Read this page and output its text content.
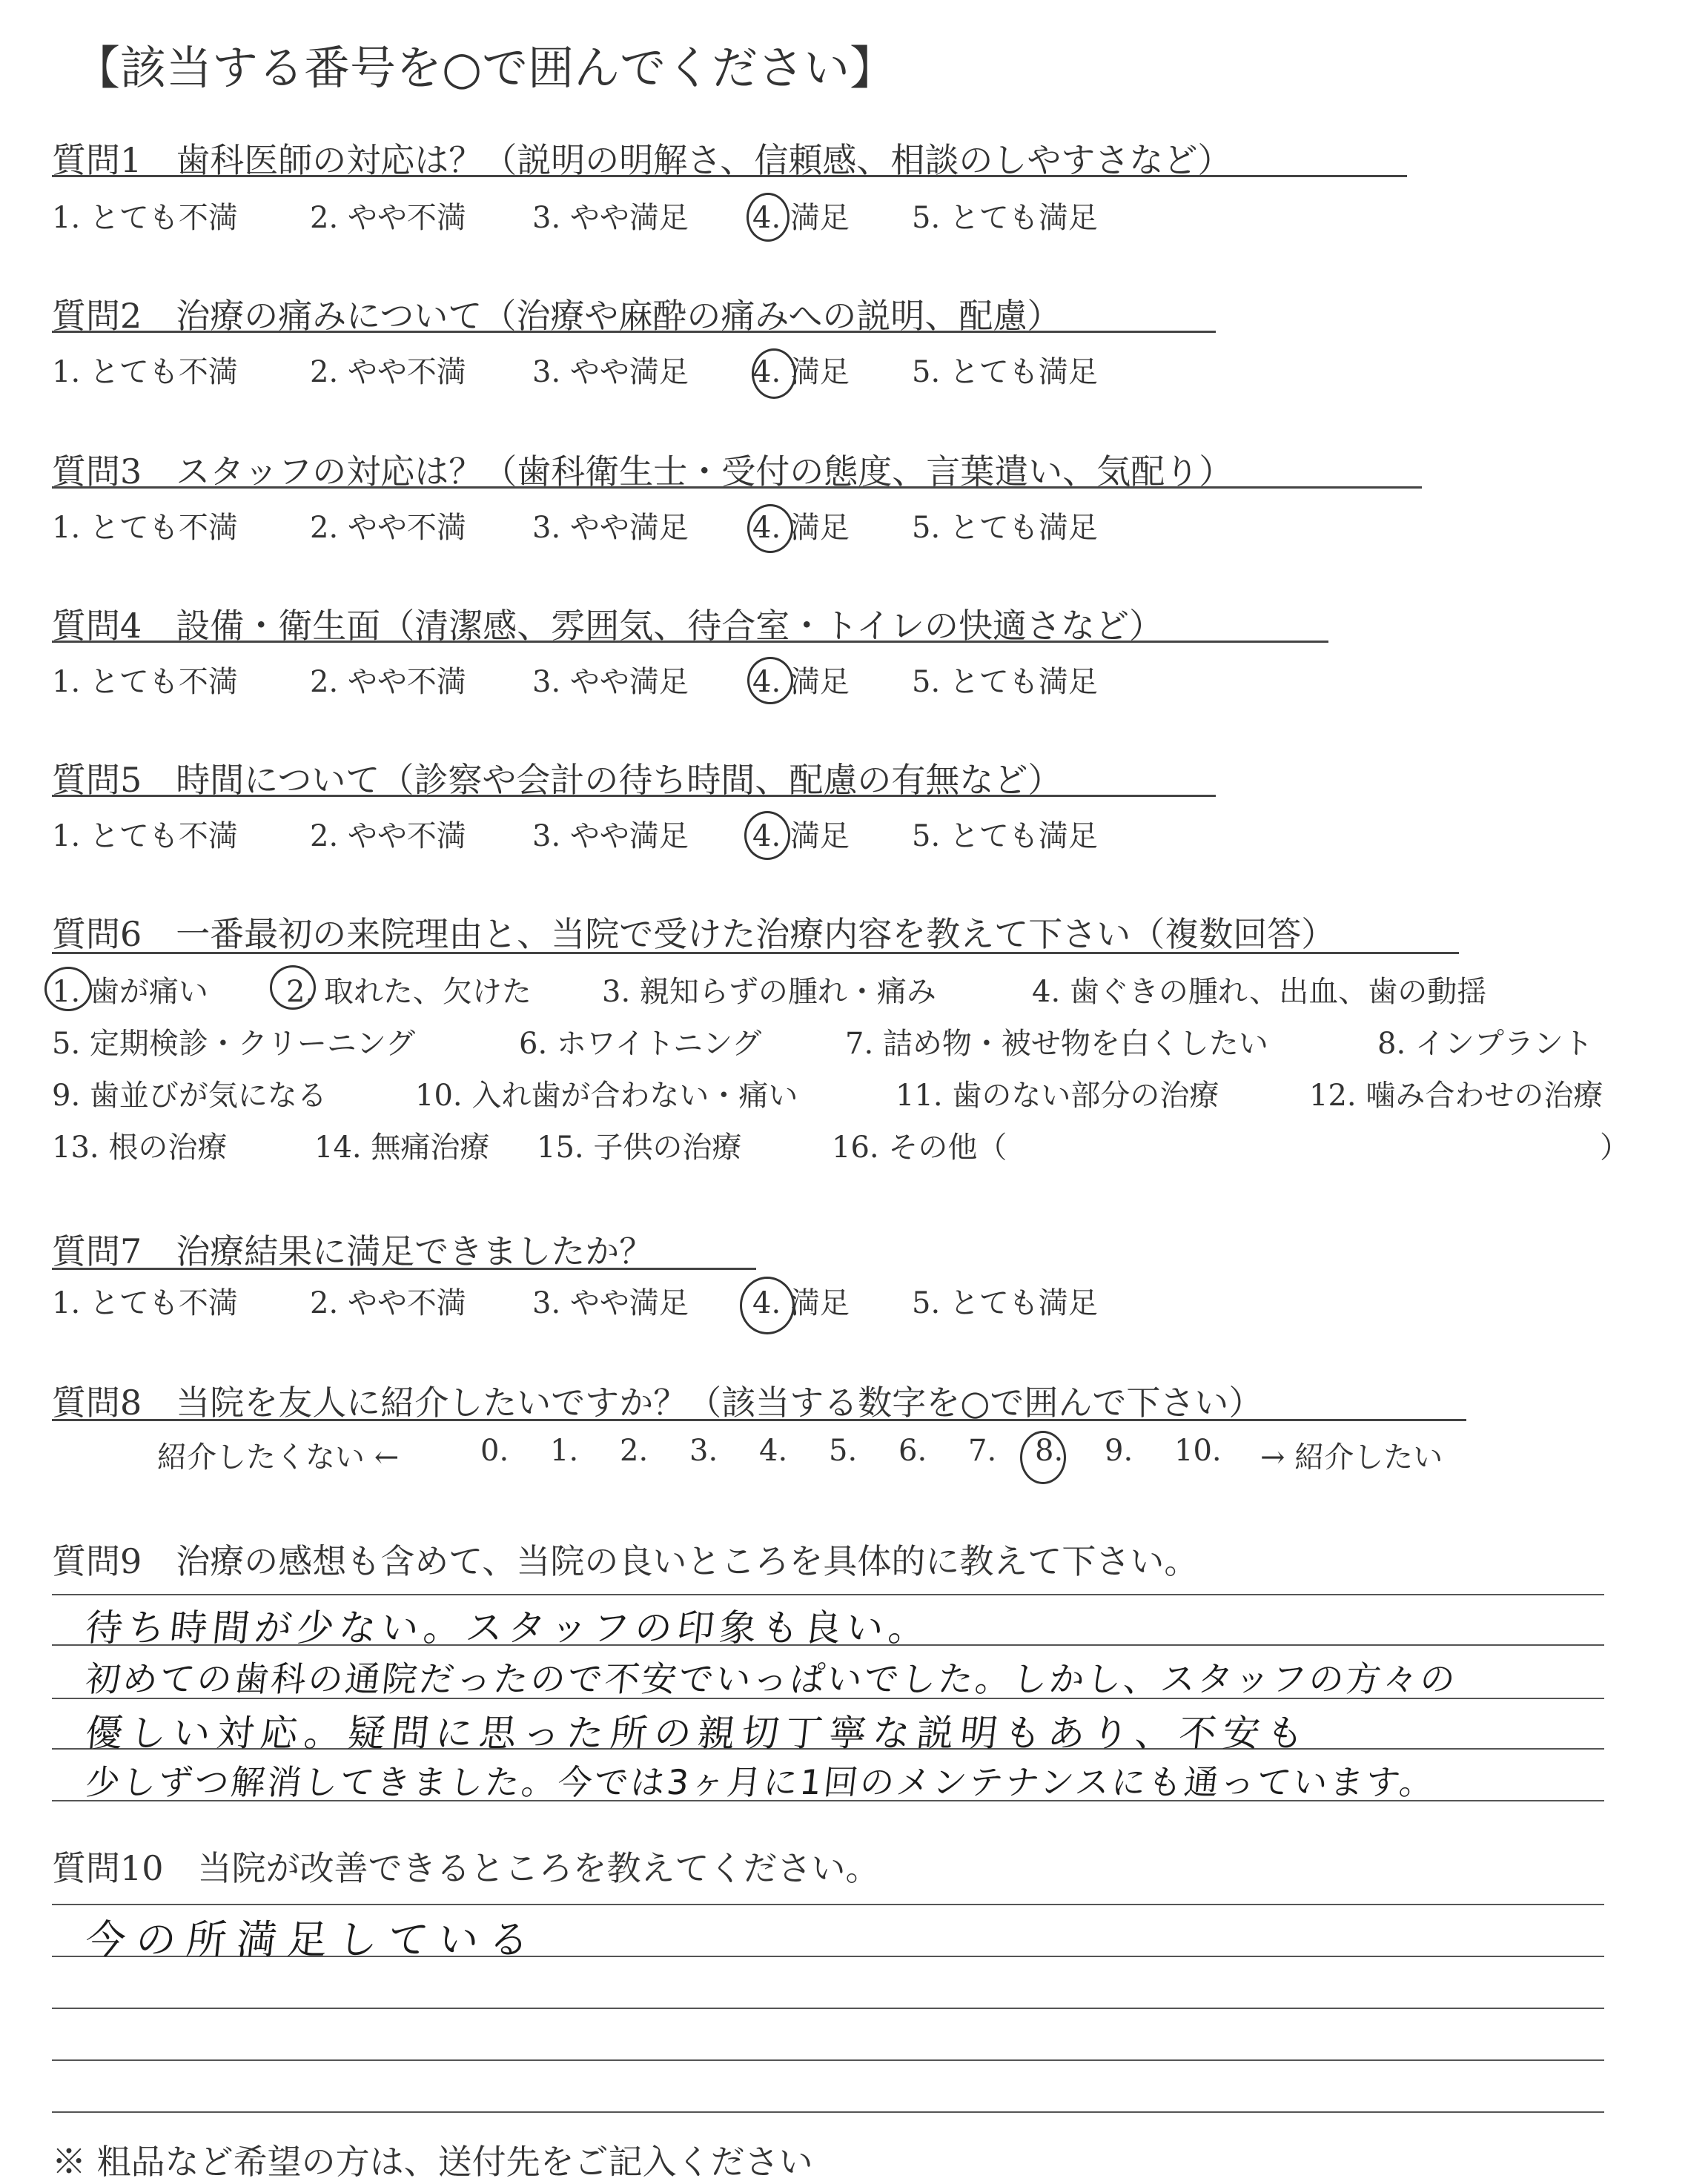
【該当する番号を○で囲んでください】
質問1　歯科医師の対応は？（説明の明解さ、信頼感、相談のしやすさなど）
1. とても不満 2. やや不満 3. やや満足 4. 満足 5. とても満足
質問2　治療の痛みについて（治療や麻酔の痛みへの説明、配慮）
1. とても不満 2. やや不満 3. やや満足 4. 満足 5. とても満足
質問3　スタッフの対応は？（歯科衛生士・受付の態度、言葉遣い、気配り）
1. とても不満 2. やや不満 3. やや満足 4. 満足 5. とても満足
質問4　設備・衛生面（清潔感、雰囲気、待合室・トイレの快適さなど）
1. とても不満 2. やや不満 3. やや満足 4. 満足 5. とても満足
質問5　時間について（診察や会計の待ち時間、配慮の有無など）
1. とても不満 2. やや不満 3. やや満足 4. 満足 5. とても満足
質問6　一番最初の来院理由と、当院で受けた治療内容を教えて下さい（複数回答）
1. 歯が痛い	2. 取れた、欠けた 3. 親知らずの腫れ・痛み	4. 歯ぐきの腫れ、出血、歯の動揺
5. 定期検診・クリーニング	6. ホワイトニング	7. 詰め物・被せ物を白くしたい	8. インプラント
9. 歯並びが気になる	10. 入れ歯が合わない・痛い	11. 歯のない部分の治療	12. 噛み合わせの治療
13. 根の治療	14. 無痛治療 15. 子供の治療	16. その他（	）
質問7　治療結果に満足できましたか？
1. とても不満 2. やや不満 3. やや満足 4. 満足 5. とても満足
質問8　当院を友人に紹介したいですか？（該当する数字を○で囲んで下さい）
紹介したくない ←	0. 1. 2. 3. 4. 5. 6. 7. 8. 9. 10. → 紹介したい
質問9　治療の感想も含めて、当院の良いところを具体的に教えて下さい。
待ち時間が少ない。スタッフの印象も良い。
初めての歯科の通院だったので不安でいっぱいでした。しかし、スタッフの方々の
優しい対応。疑問に思った所の親切丁寧な説明もあり、不安も
少しずつ解消してきました。今では3ヶ月に1回のメンテナンスにも通っています。
質問10　当院が改善できるところを教えてください。
今の所満足している
※ 粗品など希望の方は、送付先をご記入ください
